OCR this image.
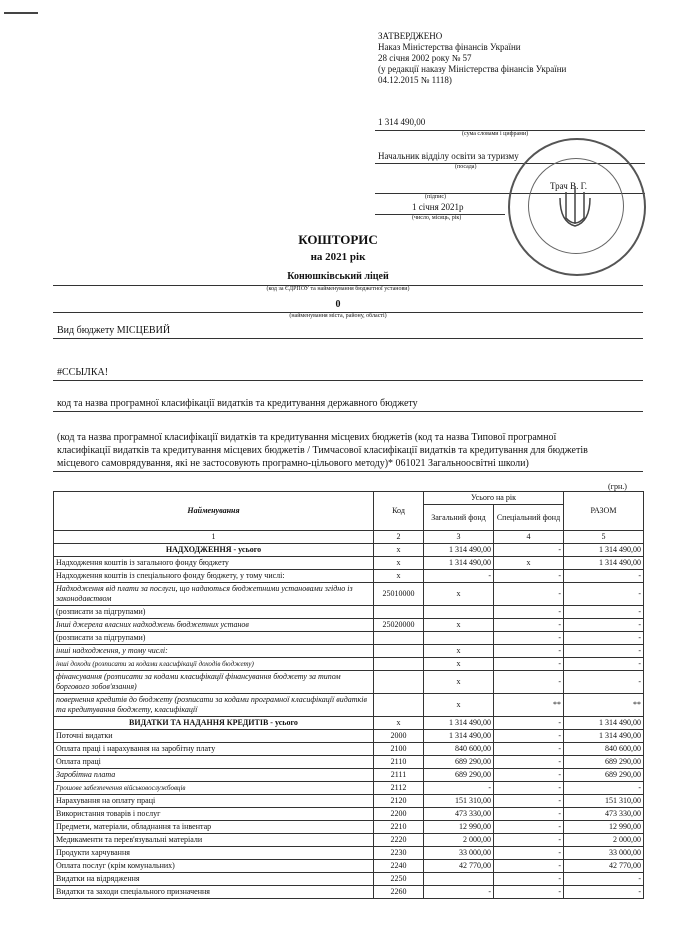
ЗАТВЕРДЖЕНО
Наказ Міністерства фінансів України
28 січня 2002 року № 57
(у редакції наказу Міністерства фінансів України
04.12.2015 № 1118)
1 314 490,00
(сума словами і цифрами)
Начальник відділу освіти за туризму
(посада)
Трач В. Г.
(підпис)
1 січня 2021р
(число, місяць, рік)
КОШТОРИС
на 2021 рік
Конюшківський ліцей
(код за ЄДРПОУ та найменування бюджетної установи)
0
(найменування міста, району, області)
Вид бюджету МІСЦЕВИЙ
#ССЫЛКА!
код та назва програмної класифікації видатків та кредитування державного бюджету
(код та назва програмної класифікації видатків та кредитування місцевих бюджетів (код та назва Типової програмної
класифікації видатків та кредитування місцевих бюджетів / Тимчасової класифікації видатків та кредитування для бюджетів
місцевого самоврядування, які не застосовують програмно-цільового методу)* 061021 Загальноосвітні школи)
(грн.)
Найменування	Код	Усього на рік		РАЗОМ
		Загальний фонд	Спеціальний фонд	
1	2	3	4	5
НАДХОДЖЕННЯ - усього	x	1 314 490,00	-	1 314 490,00
Надходження коштів із загального фонду бюджету	x	1 314 490,00	x	1 314 490,00
Надходження коштів із спеціального фонду бюджету, у тому числі:	x	-	-	-
Надходження від плати за послуги, що надаються бюджетними установами згідно із законодавством	25010000	x	-	-
(розписати за підгрупами)			-	-
Інші джерела власних надходжень бюджетних установ	25020000	x	-	-
(розписати за підгрупами)			-	-
інші надходження, у тому числі:		x	-	-
інші доходи (розписати за кодами класифікації доходів бюджету)		x	-	-
фінансування (розписати за кодами класифікації фінансування бюджету за типом боргового зобов'язання)		x	-	-
повернення кредитів до бюджету (розписати за кодами програмної класифікації видатків та кредитування бюджету, класифікації		x	**	**
ВИДАТКИ ТА НАДАННЯ КРЕДИТІВ - усього	x	1 314 490,00	-	1 314 490,00
Поточні видатки	2000	1 314 490,00	-	1 314 490,00
Оплата праці і нарахування на заробітну плату	2100	840 600,00	-	840 600,00
Оплата праці	2110	689 290,00	-	689 290,00
Заробітна плата	2111	689 290,00	-	689 290,00
Грошове забезпечення військовослужбовців	2112	-	-	-
Нарахування на оплату праці	2120	151 310,00	-	151 310,00
Використання товарів і послуг	2200	473 330,00	-	473 330,00
Предмети, матеріали, обладнання та інвентар	2210	12 990,00	-	12 990,00
Медикаменти та перев'язувальні матеріали	2220	2 000,00	-	2 000,00
Продукти харчування	2230	33 000,00	-	33 000,00
Оплата послуг (крім комунальних)	2240	42 770,00	-	42 770,00
Видатки на відрядження	2250		-	-
Видатки та заходи спеціального призначення	2260	-	-	-
